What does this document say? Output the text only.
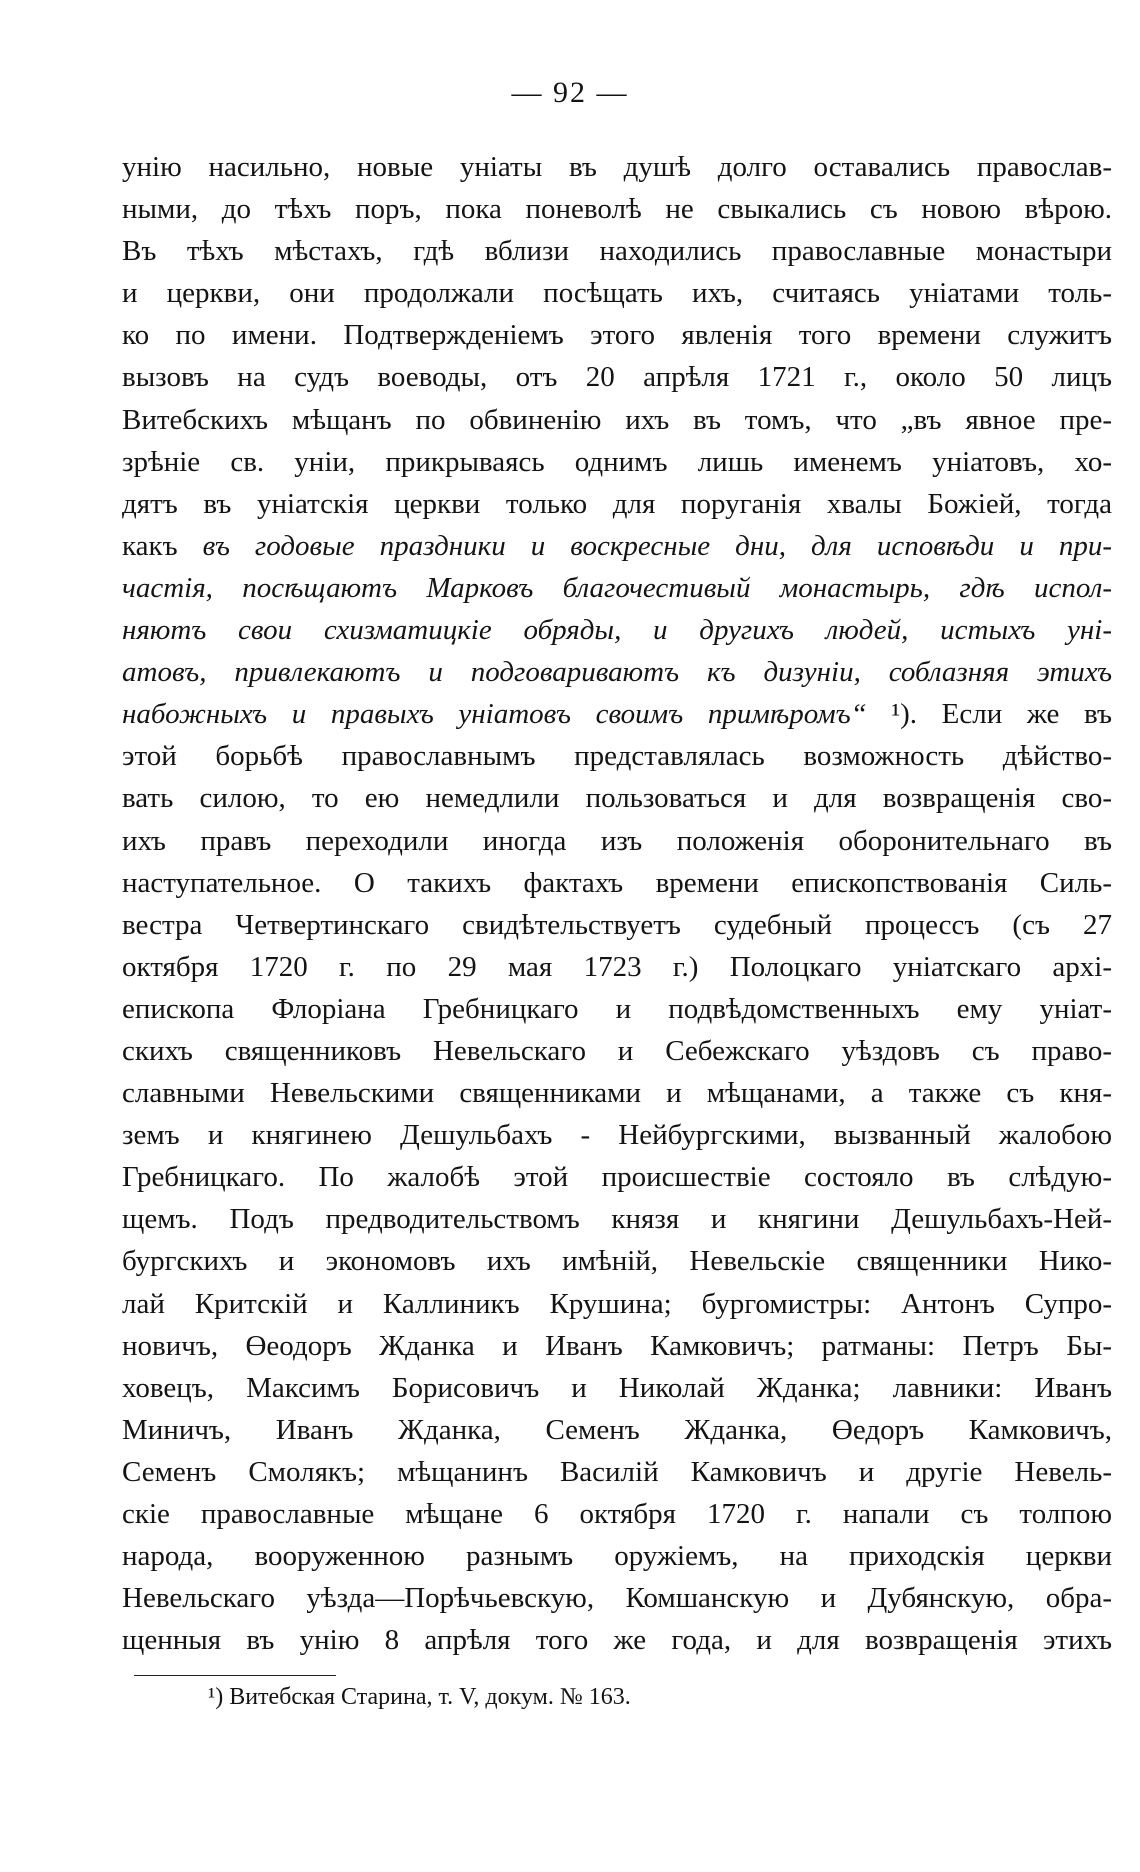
— 92 —
унію насильно, новые уніаты въ душѣ долго оставались православ-
ными, до тѣхъ поръ, пока поневолѣ не свыкались съ новою вѣрою.
Въ тѣхъ мѣстахъ, гдѣ вблизи находились православные монастыри
и церкви, они продолжали посѣщать ихъ, считаясь уніатами толь-
ко по имени. Подтвержденіемъ этого явленія того времени служитъ
вызовъ на судъ воеводы, отъ 20 апрѣля 1721 г., около 50 лицъ
Витебскихъ мѣщанъ по обвиненію ихъ въ томъ, что „въ явное пре-
зрѣніе св. уніи, прикрываясь однимъ лишь именемъ уніатовъ, хо-
дятъ въ уніатскія церкви только для поруганія хвалы Божіей, тогда
какъ въ годовые праздники и воскресные дни, для исповѣди и при-
частія, посѣщаютъ Марковъ благочестивый монастырь, гдѣ испол-
няютъ свои схизматицкіе обряды, и другихъ людей, истыхъ уні-
атовъ, привлекаютъ и подговариваютъ къ дизуніи, соблазняя этихъ
набожныхъ и правыхъ уніатовъ своимъ примѣромъ“ ¹). Если же въ
этой борьбѣ православнымъ представлялась возможность дѣйство-
вать силою, то ею немедлили пользоваться и для возвращенія сво-
ихъ правъ переходили иногда изъ положенія оборонительнаго въ
наступательное. О такихъ фактахъ времени епископствованія Силь-
вестра Четвертинскаго свидѣтельствуетъ судебный процессъ (съ 27
октября 1720 г. по 29 мая 1723 г.) Полоцкаго уніатскаго архі-
епископа Флоріана Гребницкаго и подвѣдомственныхъ ему уніат-
скихъ священниковъ Невельскаго и Себежскаго уѣздовъ съ право-
славными Невельскими священниками и мѣщанами, а также съ кня-
земъ и княгинею Дешульбахъ - Нейбургскими, вызванный жалобою
Гребницкаго. По жалобѣ этой происшествіе состояло въ слѣдую-
щемъ. Подъ предводительствомъ князя и княгини Дешульбахъ-Ней-
бургскихъ и экономовъ ихъ имѣній, Невельскіе священники Нико-
лай Критскій и Каллиникъ Крушина; бургомистры: Антонъ Супро-
новичъ, Өеодоръ Жданка и Иванъ Камковичъ; ратманы: Петръ Бы-
ховецъ, Максимъ Борисовичъ и Николай Жданка; лавники: Иванъ
Миничъ, Иванъ Жданка, Семенъ Жданка, Өедоръ Камковичъ,
Семенъ Смолякъ; мѣщанинъ Василій Камковичъ и другіе Невель-
скіе православные мѣщане 6 октября 1720 г. напали съ толпою
народа, вооруженною разнымъ оружіемъ, на приходскія церкви
Невельскаго уѣзда—Порѣчьевскую, Комшанскую и Дубянскую, обра-
щенныя въ унію 8 апрѣля того же года, и для возвращенія этихъ
¹) Витебская Старина, т. V, докум. № 163.
